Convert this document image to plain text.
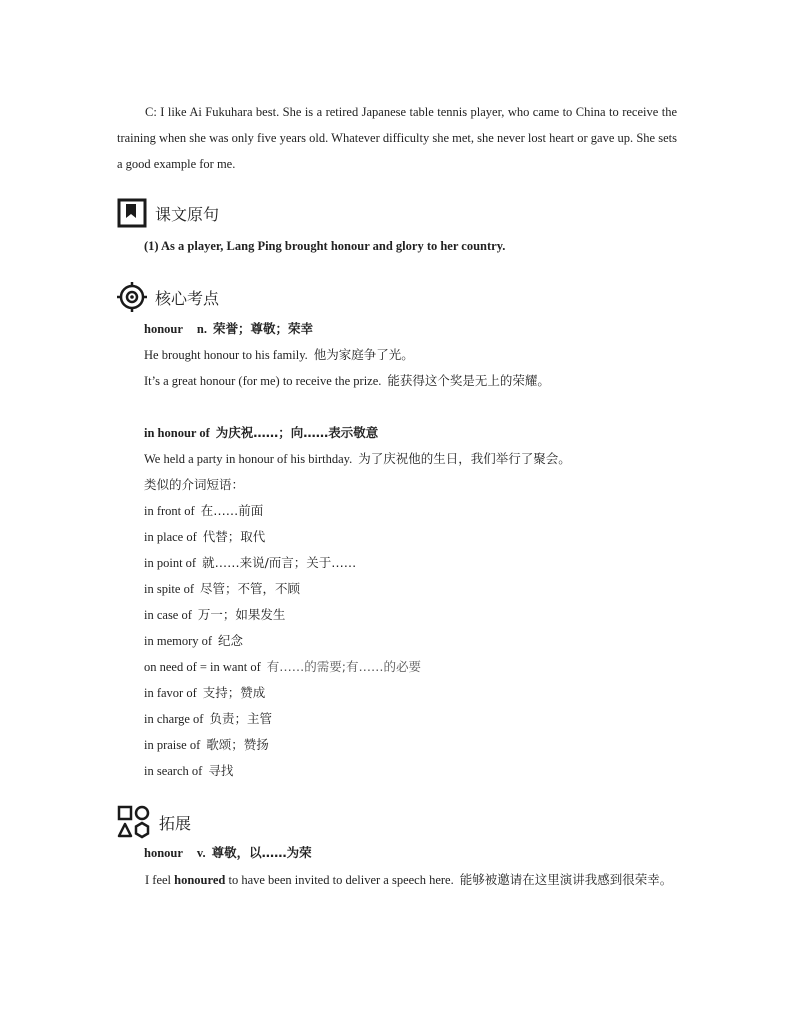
C: I like Ai Fukuhara best. She is a retired Japanese table tennis player, who came to China to receive the training when she was only five years old. Whatever difficulty she met, she never lost heart or gave up. She sets a good example for me.

课文原句
(1) As a player, Lang Ping brought honour and glory to her country.
核心考点
honour n. 荣誉；尊敬；荣幸
He brought honour to his family. 他为家庭争了光。
It’s a great honour (for me) to receive the prize. 能获得这个奖是无上的荣耀。
in honour of 为庆祝……；向……表示敬意
We held a party in honour of his birthday. 为了庆祝他的生日，我们举行了聚会。
类似的介词短语：
in front of 在……前面
in place of 代替；取代
in point of 就……来说/而言；关于……
in spite of 尽管；不管，不顾
in case of 万一；如果发生
in memory of 纪念
on need of = in want of 有……的需要;有……的必要
in favor of 支持；赞成
in charge of 负责；主管
in praise of 歌颂；赞扬
in search of 寻找
拓展
honour v. 尊敬，以……为荣

I feel honoured to have been invited to deliver a speech here. 能够被邀请在这里演讲我感到很荣幸。
